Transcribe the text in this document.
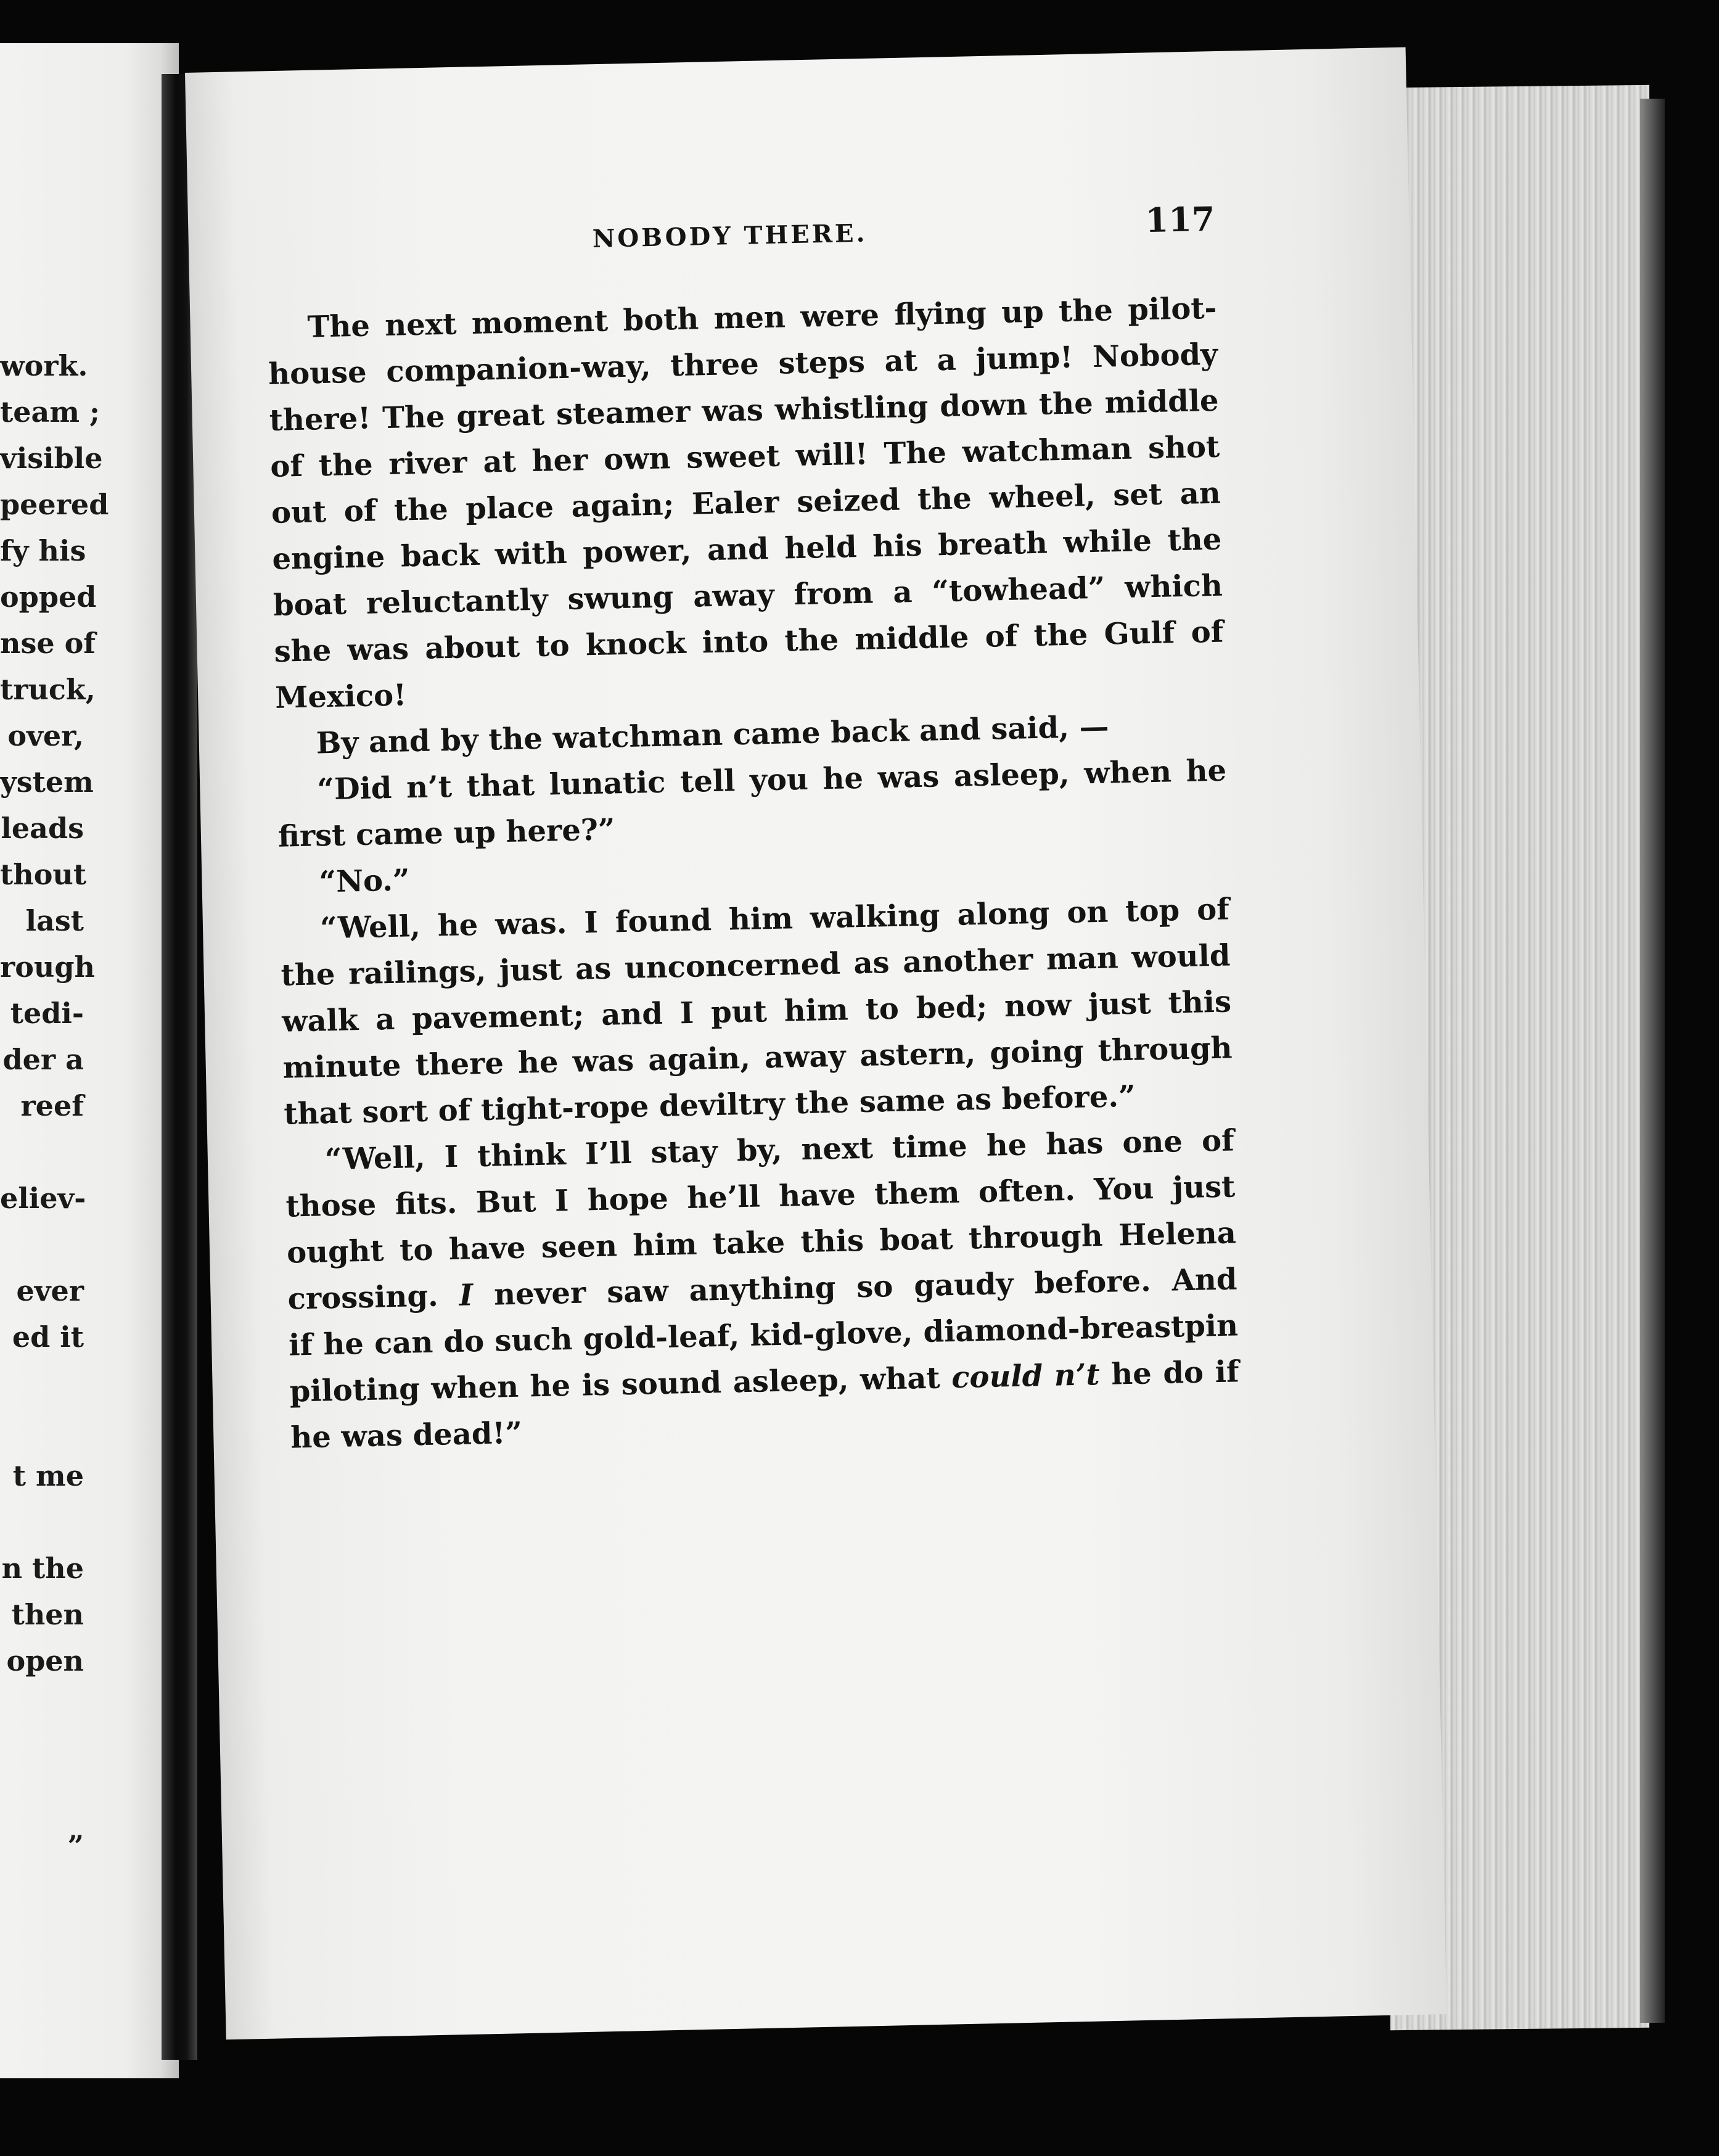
work.
team ;
visible
peered
fy his
opped
nse of
truck,
over,
ystem
leads
thout
last
rough
tedi-
der a
reef
eliev-
ever
ed it
t me
n the
then
open
”
NOBODY THERE.	117
The next moment both men were flying up the pilot-
house companion-way, three steps at a jump! Nobody
there! The great steamer was whistling down the middle
of the river at her own sweet will! The watchman shot
out of the place again; Ealer seized the wheel, set an
engine back with power, and held his breath while the
boat reluctantly swung away from a “towhead” which
she was about to knock into the middle of the Gulf of
Mexico!
By and by the watchman came back and said, —
“Did n’t that lunatic tell you he was asleep, when he
first came up here?”
“No.”
“Well, he was. I found him walking along on top of
the railings, just as unconcerned as another man would
walk a pavement; and I put him to bed; now just this
minute there he was again, away astern, going through
that sort of tight-rope deviltry the same as before.”
“Well, I think I’ll stay by, next time he has one of
those fits. But I hope he’ll have them often. You just
ought to have seen him take this boat through Helena
crossing. I never saw anything so gaudy before. And
if he can do such gold-leaf, kid-glove, diamond-breastpin
piloting when he is sound asleep, what could n’t he do if
he was dead!”
